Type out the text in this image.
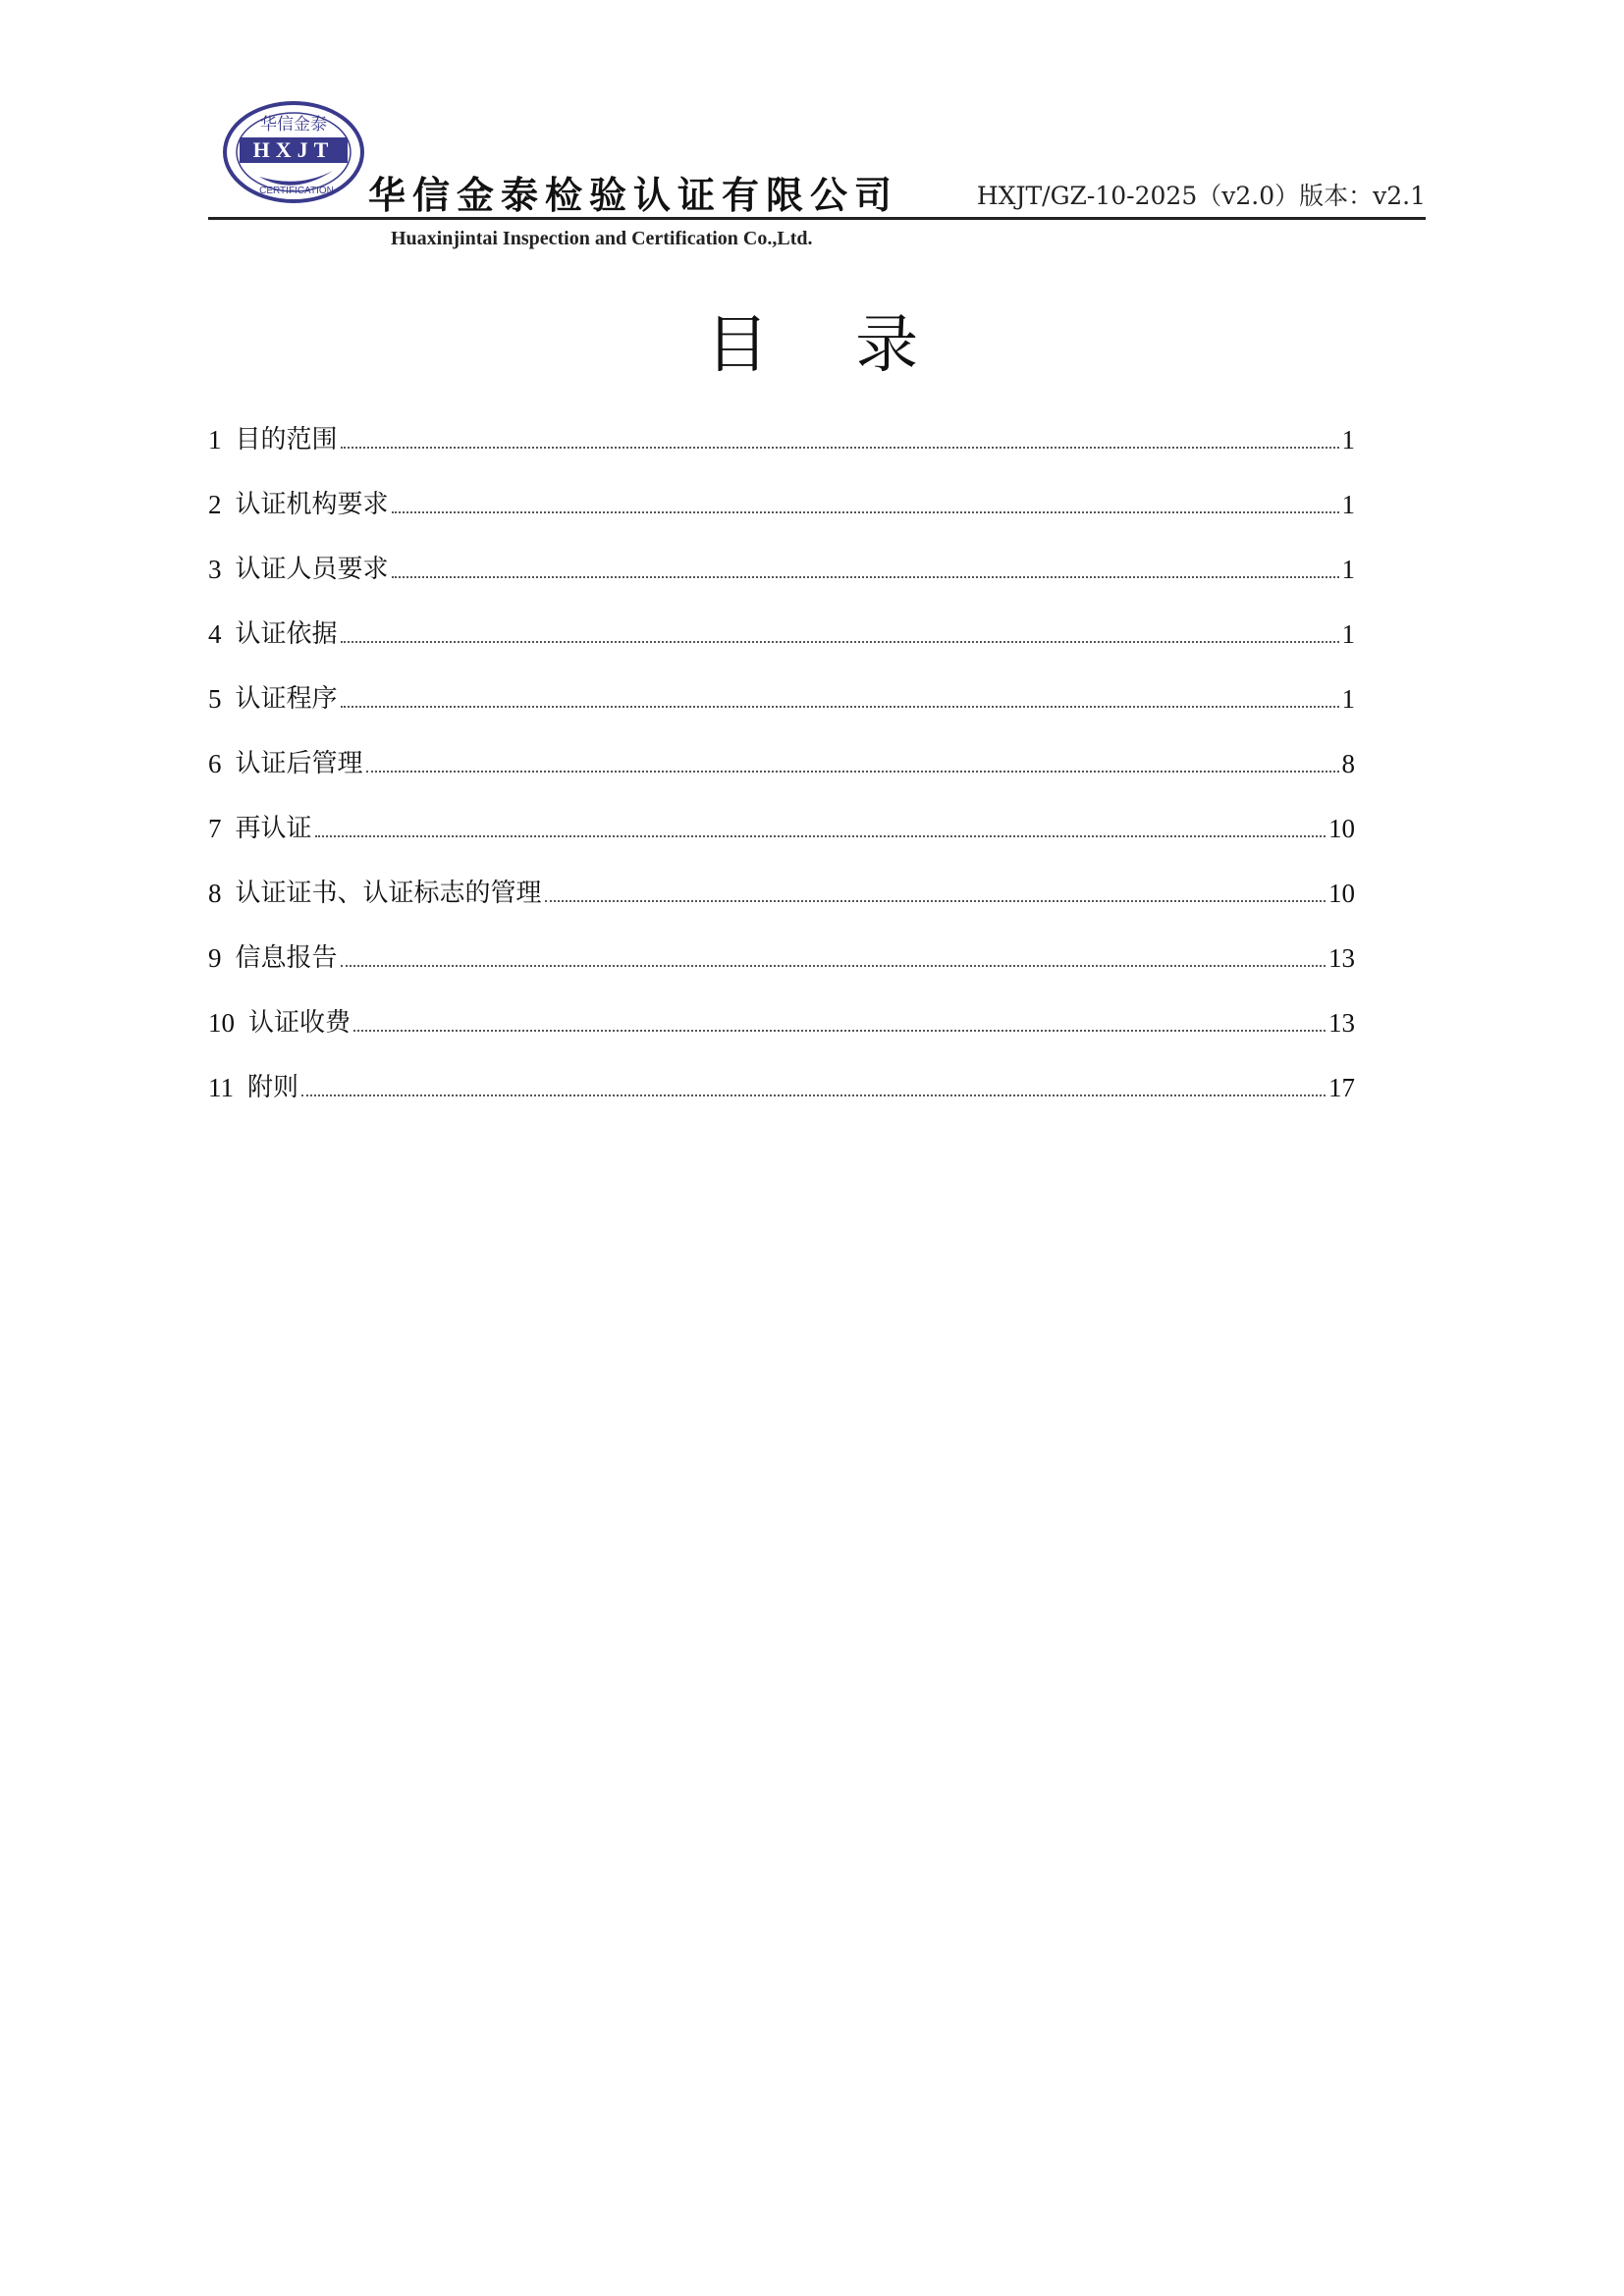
华信金泰
HXJT
CERTIFICATION 华信金泰检验认证有限公司	HXJT/GZ-10-2025（v2.0）版本：v2.1
Huaxinjintai Inspection and Certification Co.,Ltd.
目 录
1 目的范围	1
2 认证机构要求	1
3 认证人员要求	1
4 认证依据	1
5 认证程序	1
6 认证后管理	8
7 再认证	10
8 认证证书、认证标志的管理	10
9 信息报告	13
10 认证收费	13
11 附则	17
